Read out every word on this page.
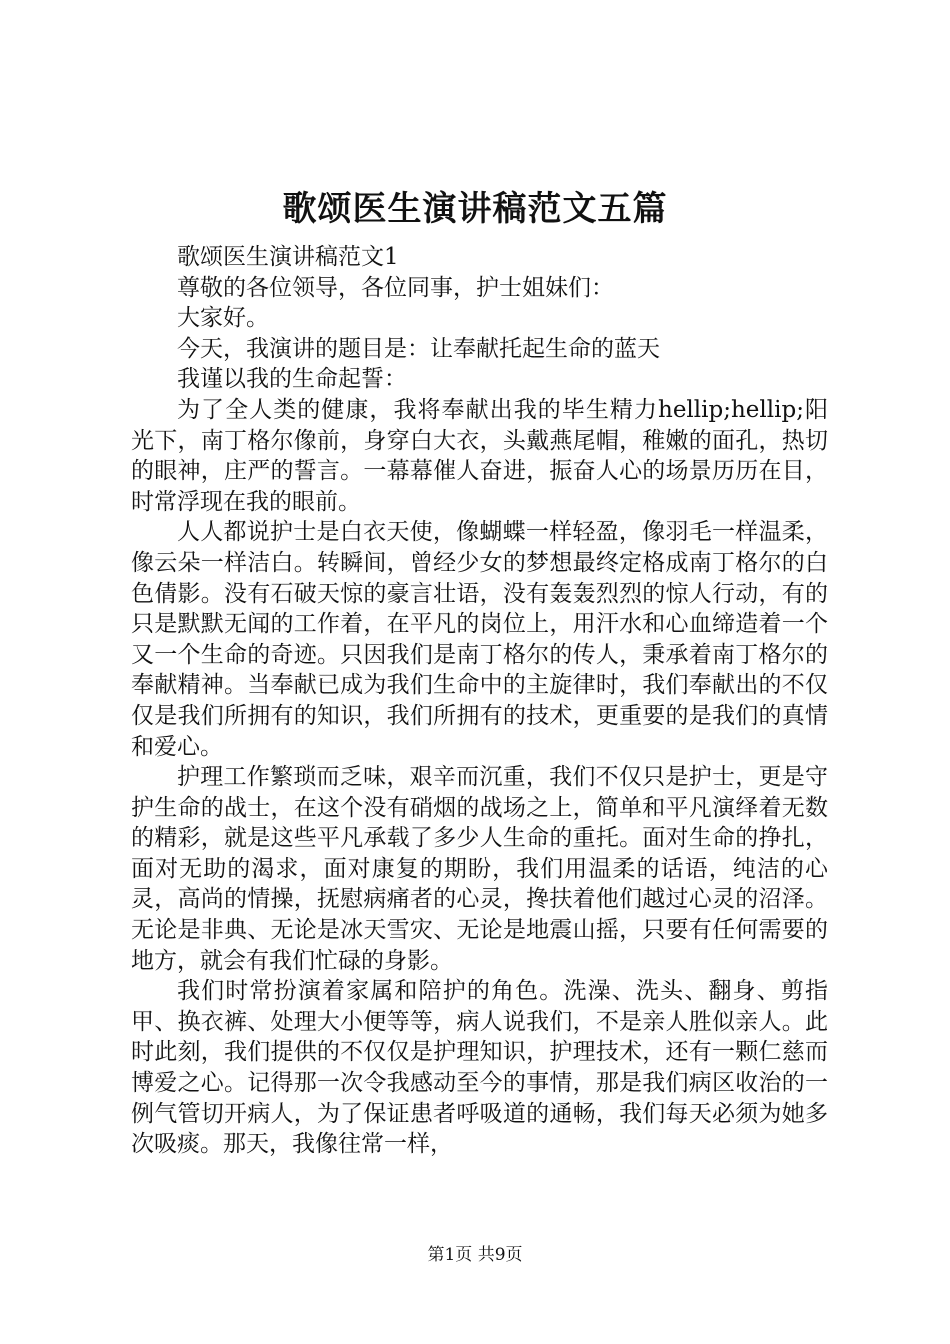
歌颂医生演讲稿范文五篇

歌颂医生演讲稿范文1

尊敬的各位领导，各位同事，护士姐妹们：

大家好。

今天，我演讲的题目是：让奉献托起生命的蓝天

我谨以我的生命起誓：

为了全人类的健康，我将奉献出我的毕生精力hellip;hellip;阳光下，南丁格尔像前，身穿白大衣，头戴燕尾帽，稚嫩的面孔，热切的眼神，庄严的誓言。一幕幕催人奋进，振奋人心的场景历历在目，时常浮现在我的眼前。

人人都说护士是白衣天使，像蝴蝶一样轻盈，像羽毛一样温柔，像云朵一样洁白。转瞬间，曾经少女的梦想最终定格成南丁格尔的白色倩影。没有石破天惊的豪言壮语，没有轰轰烈烈的惊人行动，有的只是默默无闻的工作着，在平凡的岗位上，用汗水和心血缔造着一个又一个生命的奇迹。只因我们是南丁格尔的传人，秉承着南丁格尔的奉献精神。当奉献已成为我们生命中的主旋律时，我们奉献出的不仅仅是我们所拥有的知识，我们所拥有的技术，更重要的是我们的真情和爱心。

护理工作繁琐而乏味，艰辛而沉重，我们不仅只是护士，更是守护生命的战士，在这个没有硝烟的战场之上，简单和平凡演绎着无数的精彩，就是这些平凡承载了多少人生命的重托。面对生命的挣扎，面对无助的渴求，面对康复的期盼，我们用温柔的话语，纯洁的心灵，高尚的情操，抚慰病痛者的心灵，搀扶着他们越过心灵的沼泽。无论是非典、无论是冰天雪灾、无论是地震山摇，只要有任何需要的地方，就会有我们忙碌的身影。

我们时常扮演着家属和陪护的角色。洗澡、洗头、翻身、剪指甲、换衣裤、处理大小便等等，病人说我们，不是亲人胜似亲人。此时此刻，我们提供的不仅仅是护理知识，护理技术，还有一颗仁慈而博爱之心。记得那一次令我感动至今的事情，那是我们病区收治的一例气管切开病人，为了保证患者呼吸道的通畅，我们每天必须为她多次吸痰。那天，我像往常一样，

第1页 共9页
